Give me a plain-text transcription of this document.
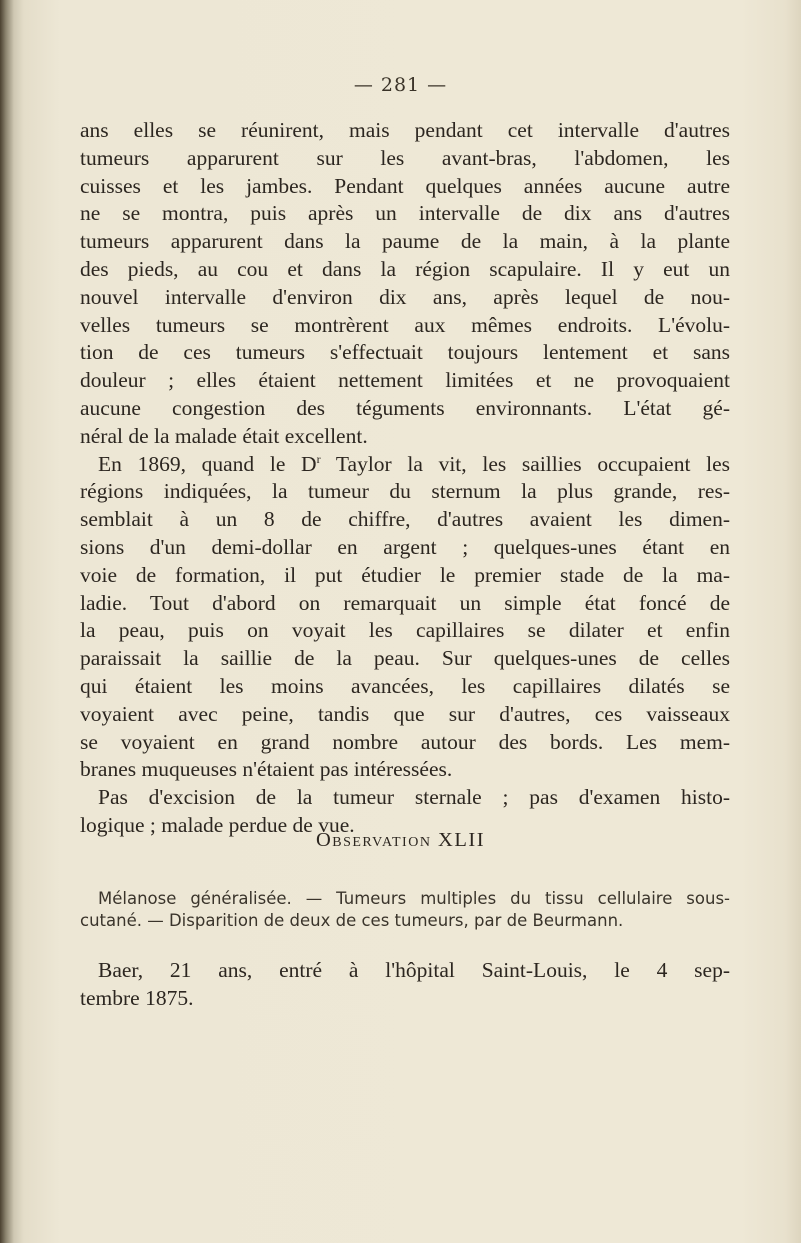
— 281 —
ans elles se réunirent, mais pendant cet intervalle d'autres
tumeurs apparurent sur les avant-bras, l'abdomen, les
cuisses et les jambes. Pendant quelques années aucune autre
ne se montra, puis après un intervalle de dix ans d'autres
tumeurs apparurent dans la paume de la main, à la plante
des pieds, au cou et dans la région scapulaire. Il y eut un
nouvel intervalle d'environ dix ans, après lequel de nou-
velles tumeurs se montrèrent aux mêmes endroits. L'évolu-
tion de ces tumeurs s'effectuait toujours lentement et sans
douleur ; elles étaient nettement limitées et ne provoquaient
aucune congestion des téguments environnants. L'état gé-
néral de la malade était excellent.
En 1869, quand le $D^r$ Taylor la vit, les saillies occupaient les
régions indiquées, la tumeur du sternum la plus grande, res-
semblait à un 8 de chiffre, d'autres avaient les dimen-
sions d'un demi-dollar en argent ; quelques-unes étant en
voie de formation, il put étudier le premier stade de la ma-
ladie. Tout d'abord on remarquait un simple état foncé de
la peau, puis on voyait les capillaires se dilater et enfin
paraissait la saillie de la peau. Sur quelques-unes de celles
qui étaient les moins avancées, les capillaires dilatés se
voyaient avec peine, tandis que sur d'autres, ces vaisseaux
se voyaient en grand nombre autour des bords. Les mem-
branes muqueuses n'étaient pas intéressées.
Pas d'excision de la tumeur sternale ; pas d'examen histo-
logique ; malade perdue de vue.
Observation XLII
Mélanose généralisée. — Tumeurs multiples du tissu cellulaire sous-
cutané. — Disparition de deux de ces tumeurs, par de Beurmann.
Baer, 21 ans, entré à l'hôpital Saint-Louis, le 4 sep-
tembre 1875.
